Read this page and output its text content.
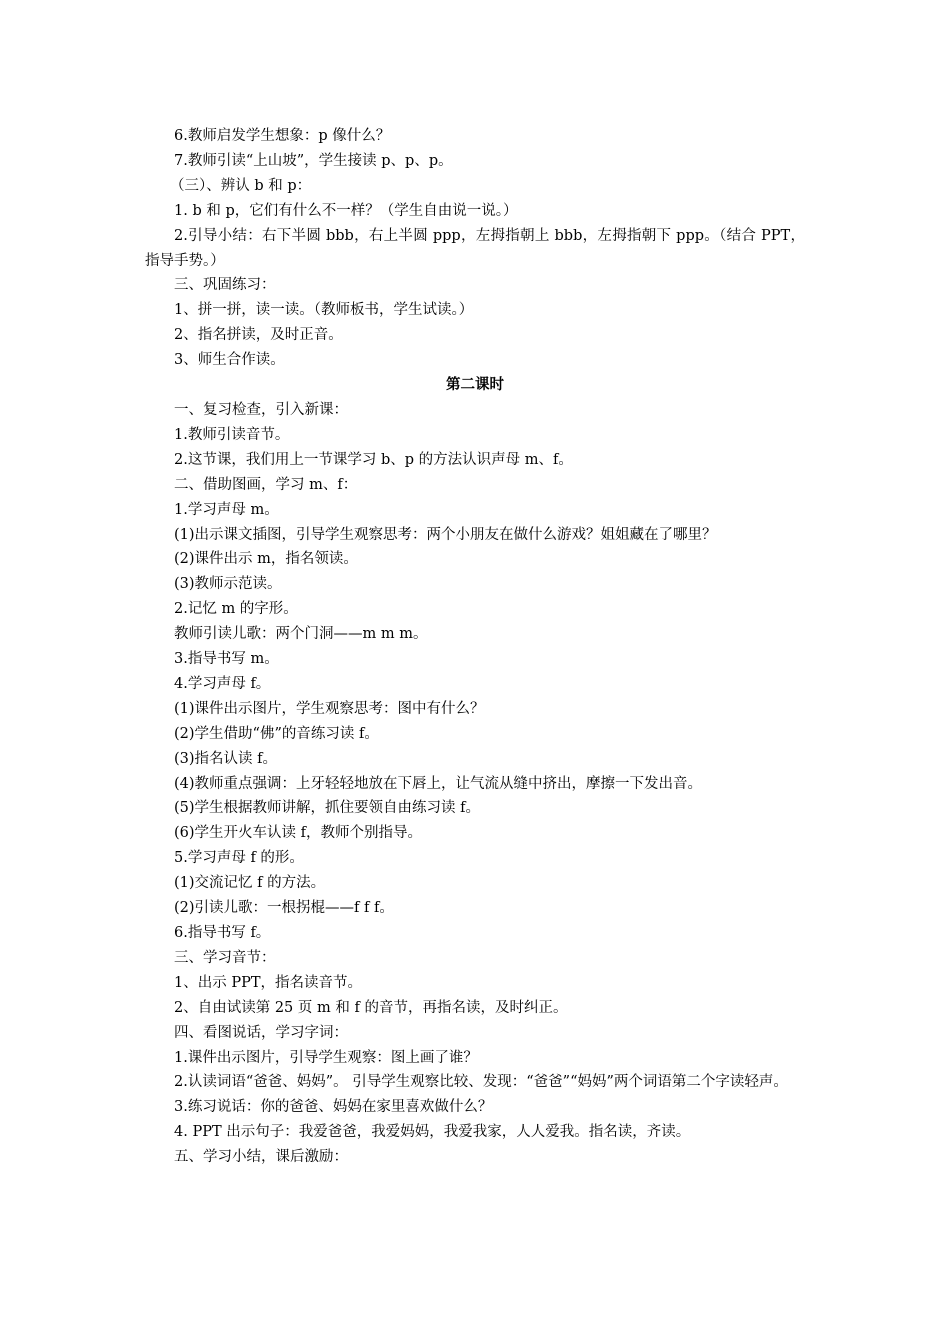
6.教师启发学生想象：p 像什么？
7.教师引读“上山坡”，学生接读 p、p、p。
（三）、辨认 b 和 p：
1. b 和 p，它们有什么不一样？（学生自由说一说。）
2.引导小结：右下半圆 bbb，右上半圆 ppp，左拇指朝上 bbb，左拇指朝下 ppp。（结合 PPT，指导手势。）
三、巩固练习：
1、拼一拼，读一读。（教师板书，学生试读。）
2、指名拼读，及时正音。
3、师生合作读。
第二课时
一、复习检查，引入新课：
1.教师引读音节。
2.这节课，我们用上一节课学习 b、p 的方法认识声母 m、f。
二、借助图画，学习 m、f：
1.学习声母 m。
(1)出示课文插图，引导学生观察思考：两个小朋友在做什么游戏？姐姐藏在了哪里？
(2)课件出示 m，指名领读。
(3)教师示范读。
2.记忆 m 的字形。
教师引读儿歌：两个门洞——m m m。
3.指导书写 m。
4.学习声母 f。
(1)课件出示图片，学生观察思考：图中有什么？
(2)学生借助“佛”的音练习读 f。
(3)指名认读 f。
(4)教师重点强调：上牙轻轻地放在下唇上，让气流从缝中挤出，摩擦一下发出音。
(5)学生根据教师讲解，抓住要领自由练习读 f。
(6)学生开火车认读 f，教师个别指导。
5.学习声母 f 的形。
(1)交流记忆 f 的方法。
(2)引读儿歌：一根拐棍——f f f。
6.指导书写 f。
三、学习音节：
1、出示 PPT，指名读音节。
2、自由试读第 25 页 m 和 f 的音节，再指名读，及时纠正。
四、看图说话，学习字词：
1.课件出示图片，引导学生观察：图上画了谁？
2.认读词语“爸爸、妈妈”。 引导学生观察比较、发现：“爸爸”“妈妈”两个词语第二个字读轻声。
3.练习说话：你的爸爸、妈妈在家里喜欢做什么？
4. PPT 出示句子：我爱爸爸，我爱妈妈，我爱我家，人人爱我。指名读，齐读。
五、学习小结，课后激励：
